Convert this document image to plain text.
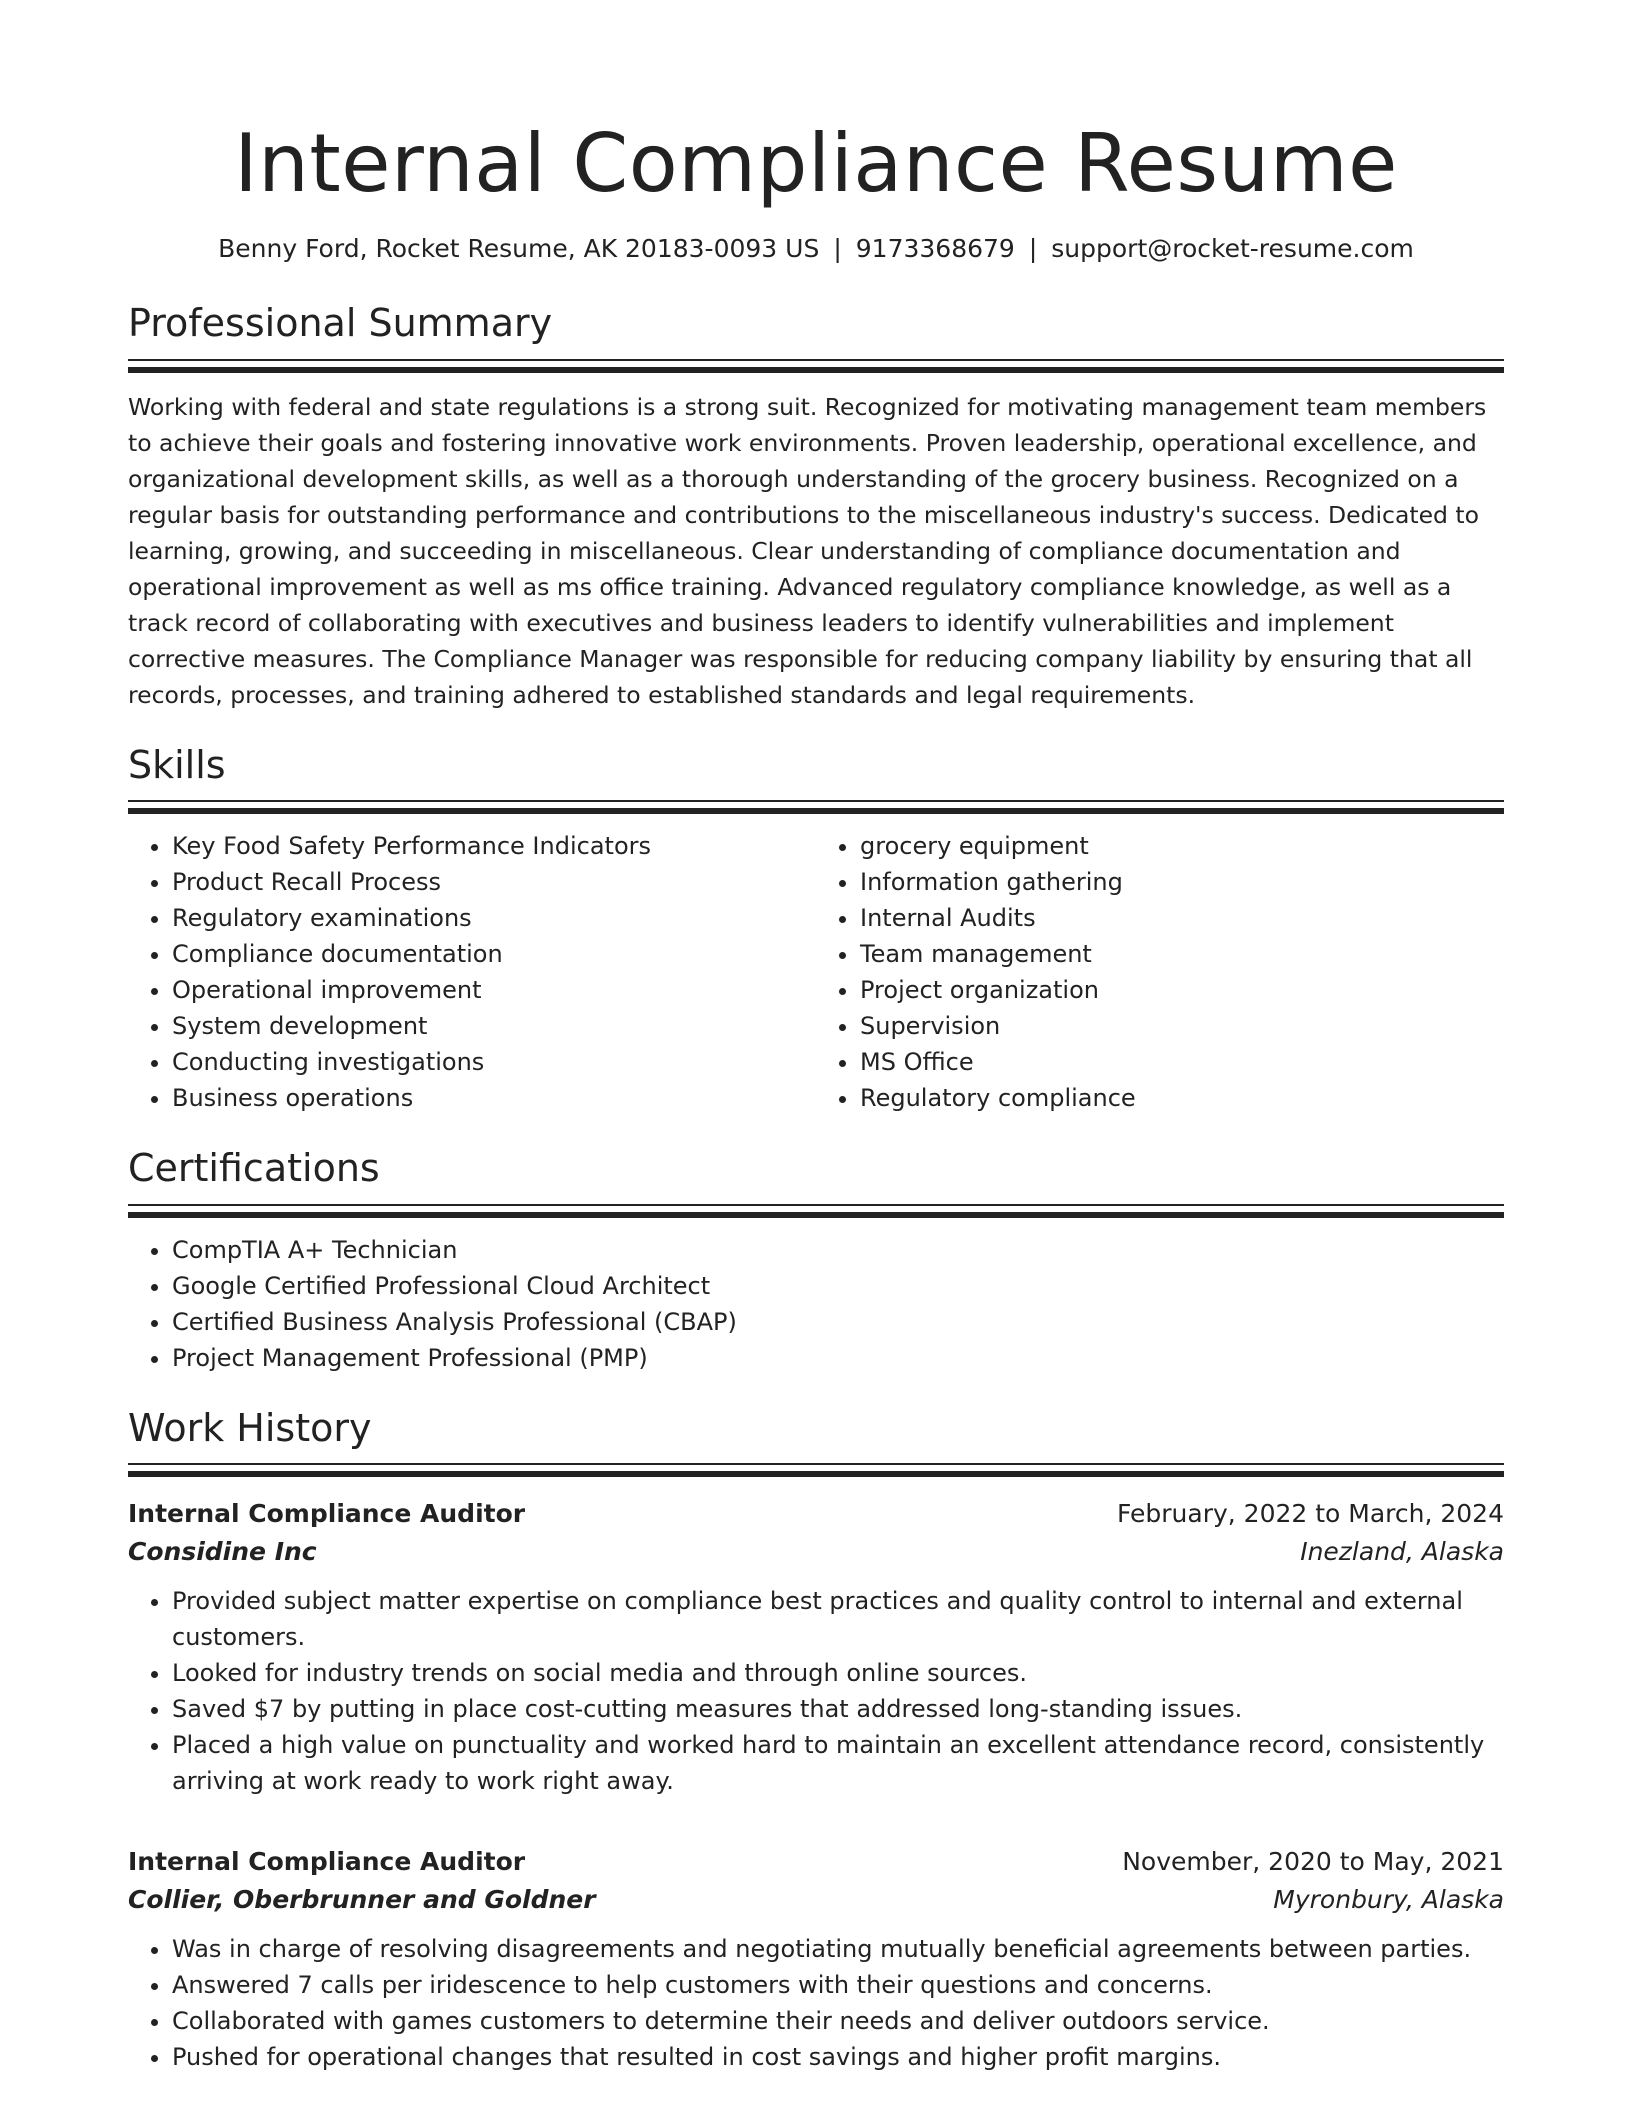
Internal Compliance Resume
Benny Ford, Rocket Resume, AK 20183-0093 US | 9173368679 | support@rocket-resume.com
Professional Summary

Working with federal and state regulations is a strong suit. Recognized for motivating management team members to achieve their goals and fostering innovative work environments. Proven leadership, operational excellence, and organizational development skills, as well as a thorough understanding of the grocery business. Recognized on a regular basis for outstanding performance and contributions to the miscellaneous industry's success. Dedicated to learning, growing, and succeeding in miscellaneous. Clear understanding of compliance documentation and operational improvement as well as ms office training. Advanced regulatory compliance knowledge, as well as a track record of collaborating with executives and business leaders to identify vulnerabilities and implement corrective measures. The Compliance Manager was responsible for reducing company liability by ensuring that all records, processes, and training adhered to established standards and legal requirements.

Skills
• Key Food Safety Performance Indicators
• Product Recall Process
• Regulatory examinations
• Compliance documentation
• Operational improvement
• System development
• Conducting investigations
• Business operations
• grocery equipment
• Information gathering
• Internal Audits
• Team management
• Project organization
• Supervision
• MS Office
• Regulatory compliance
Certifications
• CompTIA A+ Technician
• Google Certified Professional Cloud Architect
• Certified Business Analysis Professional (CBAP)
• Project Management Professional (PMP)
Work History
Internal Compliance Auditor	February, 2022 to March, 2024
Considine Inc	Inezland, Alaska
• Provided subject matter expertise on compliance best practices and quality control to internal and external customers.
• Looked for industry trends on social media and through online sources.
• Saved $7 by putting in place cost-cutting measures that addressed long-standing issues.
• Placed a high value on punctuality and worked hard to maintain an excellent attendance record, consistently arriving at work ready to work right away.
Internal Compliance Auditor	November, 2020 to May, 2021
Collier, Oberbrunner and Goldner	Myronbury, Alaska
• Was in charge of resolving disagreements and negotiating mutually beneficial agreements between parties.
• Answered 7 calls per iridescence to help customers with their questions and concerns.
• Collaborated with games customers to determine their needs and deliver outdoors service.
• Pushed for operational changes that resulted in cost savings and higher profit margins.
